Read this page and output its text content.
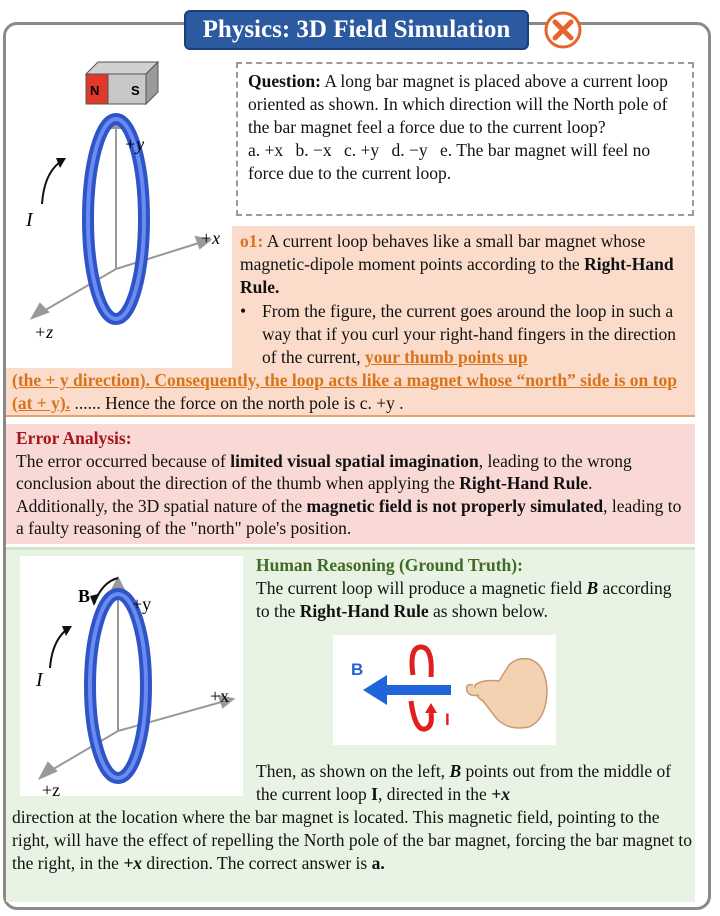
Physics: 3D Field Simulation
N S
+y
+x
+z
I
Question: A long bar magnet is placed above a current loop oriented as shown. In which direction will the North pole of the bar magnet feel a force due to the current loop?
a. +x b. −x c. +y d. −y e. The bar magnet will feel no force due to the current loop.
o1: A current loop behaves like a small bar magnet whose magnetic-dipole moment points according to the Right-Hand Rule.
• From the figure, the current goes around the loop in such a way that if you curl your right-hand fingers in the direction of the current, your thumb points up
(the + y direction). Consequently, the loop acts like a magnet whose “north” side is on top (at + y). ...... Hence the force on the north pole is c. +y .
Error Analysis:
The error occurred because of limited visual spatial imagination, leading to the wrong conclusion about the direction of the thumb when applying the Right-Hand Rule. Additionally, the 3D spatial nature of the magnetic field is not properly simulated, leading to a faulty reasoning of the "north" pole's position.
B +y
+x
+z
I
Human Reasoning (Ground Truth):
The current loop will produce a magnetic field B according to the Right-Hand Rule as shown below.
B
I
Then, as shown on the left, B points out from the middle of the current loop I, directed in the +x
direction at the location where the bar magnet is located. This magnetic field, pointing to the right, will have the effect of repelling the North pole of the bar magnet, forcing the bar magnet to the right, in the +x direction. The correct answer is a.
